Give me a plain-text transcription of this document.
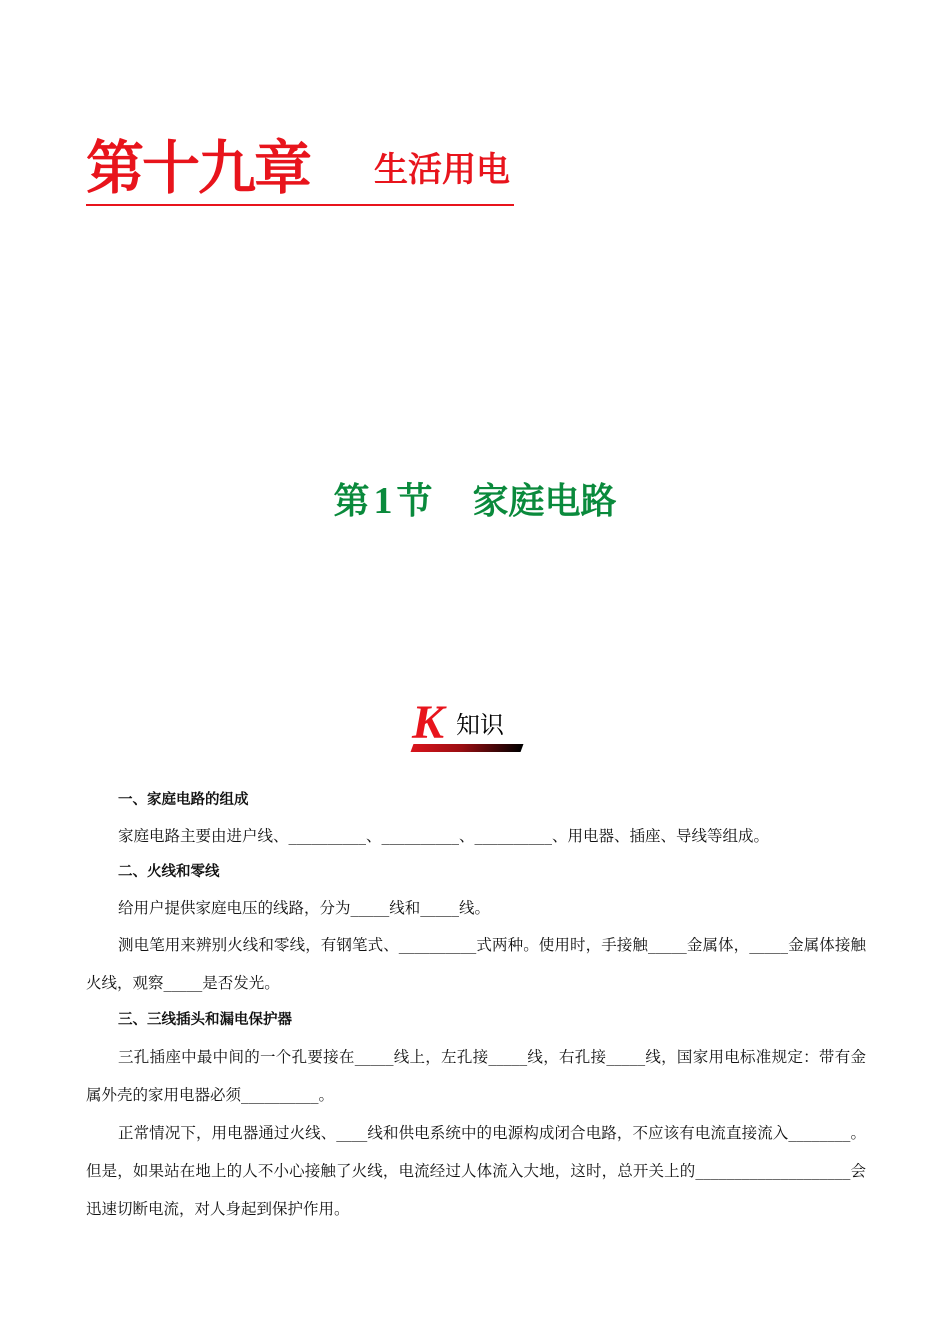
第十九章 生活用电
第 1 节 家庭电路
K 知识
一、家庭电路的组成
家庭电路主要由进户线、__________、__________、__________、用电器、插座、导线等组成。
二、火线和零线
给用户提供家庭电压的线路，分为_____线和_____线。
测电笔用来辨别火线和零线，有钢笔式、__________式两种。使用时，手接触_____金属体，_____金属体接触火线，观察_____是否发光。
三、三线插头和漏电保护器
三孔插座中最中间的一个孔要接在_____线上，左孔接_____线，右孔接_____线，国家用电标准规定：带有金属外壳的家用电器必须__________。
正常情况下，用电器通过火线、____线和供电系统中的电源构成闭合电路，不应该有电流直接流入________。但是，如果站在地上的人不小心接触了火线，电流经过人体流入大地，这时，总开关上的____________________会迅速切断电流，对人身起到保护作用。
